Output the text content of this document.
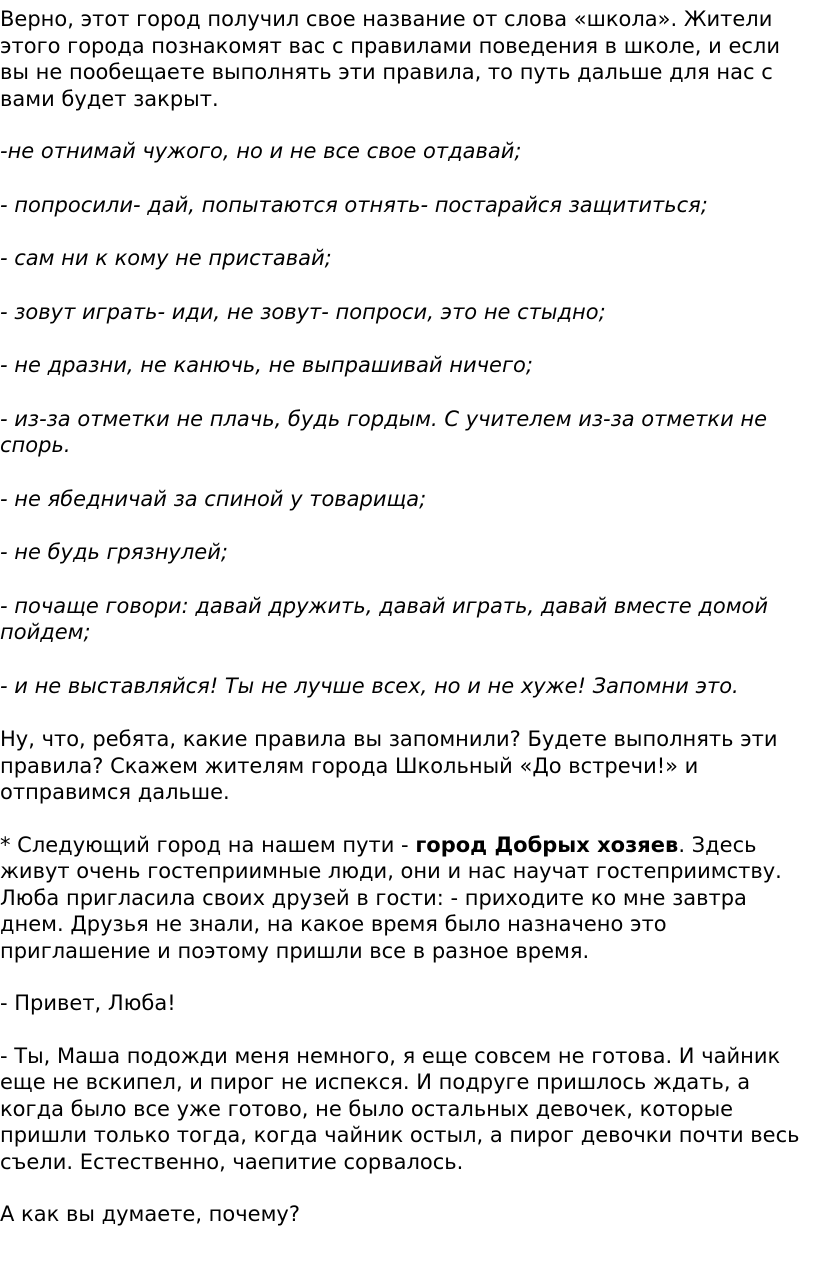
Верно, этот город получил свое название от слова «школа». Жители этого города познакомят вас с правилами поведения в школе, и если вы не пообещаете выполнять эти правила, то путь дальше для нас с вами будет закрыт.

-не отнимай чужого, но и не все свое отдавай;

- попросили- дай, попытаются отнять- постарайся защититься;

- сам ни к кому не приставай;

- зовут играть- иди, не зовут- попроси, это не стыдно;

- не дразни, не канючь, не выпрашивай ничего;

- из-за отметки не плачь, будь гордым. С учителем из-за отметки не спорь.

- не ябедничай за спиной у товарища;

- не будь грязнулей;

- почаще говори: давай дружить, давай играть, давай вместе домой пойдем;

- и не выставляйся! Ты не лучше всех, но и не хуже! Запомни это.

Ну, что, ребята, какие правила вы запомнили? Будете выполнять эти правила? Скажем жителям города Школьный «До встречи!» и отправимся дальше.

* Следующий город на нашем пути - город Добрых хозяев. Здесь живут очень гостеприимные люди, они и нас научат гостеприимству. Люба пригласила своих друзей в гости: - приходите ко мне завтра днем. Друзья не знали, на какое время было назначено это приглашение и поэтому пришли все в разное время.

- Привет, Люба!

- Ты, Маша подожди меня немного, я еще совсем не готова. И чайник еще не вскипел, и пирог не испекся. И подруге пришлось ждать, а когда было все уже готово, не было остальных девочек, которые пришли только тогда, когда чайник остыл, а пирог девочки почти весь съели. Естественно, чаепитие сорвалось.

А как вы думаете, почему?
